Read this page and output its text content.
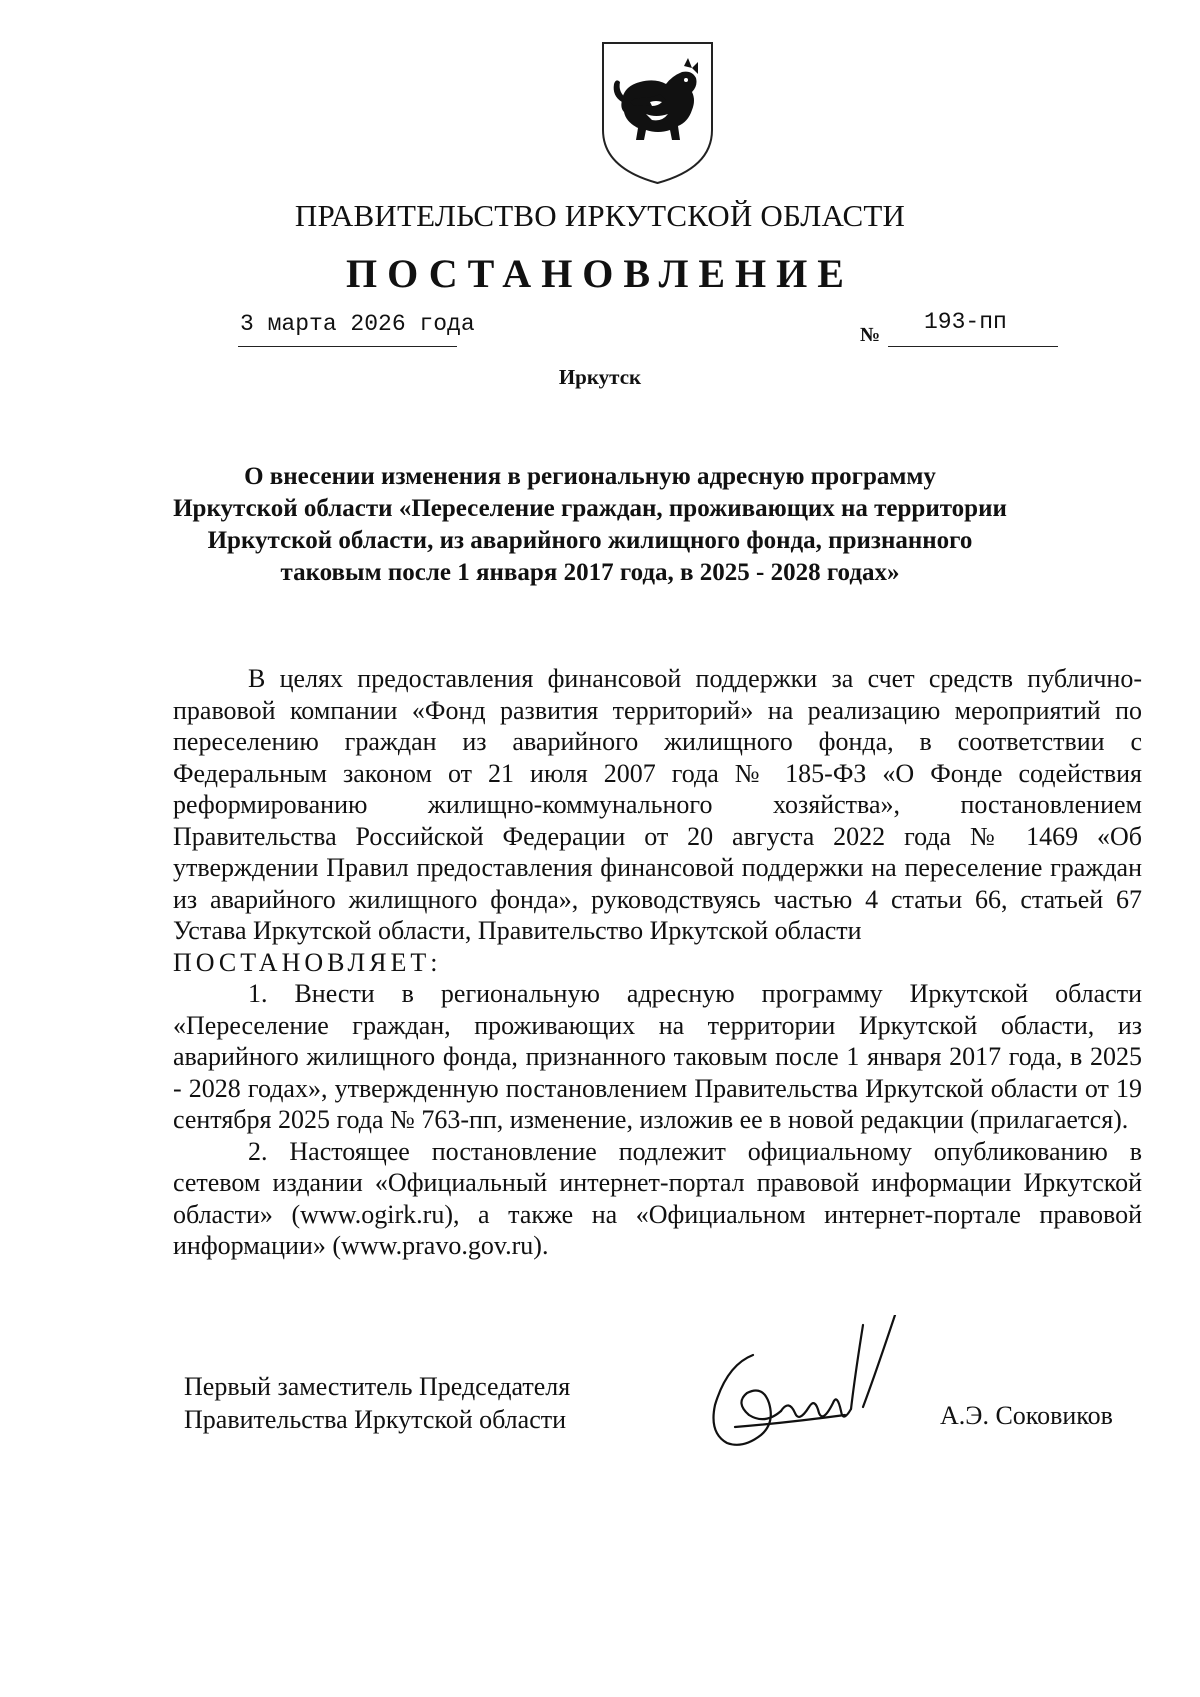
ПРАВИТЕЛЬСТВО ИРКУТСКОЙ ОБЛАСТИ
ПОСТАНОВЛЕНИЕ
3 марта 2026 года	№ 193-пп
Иркутск
О внесении изменения в региональную адресную программу
Иркутской области «Переселение граждан, проживающих на территории
Иркутской области, из аварийного жилищного фонда, признанного
таковым после 1 января 2017 года, в 2025 - 2028 годах»

В целях предоставления финансовой поддержки за счет средств публично-правовой компании «Фонд развития территорий» на реализацию мероприятий по переселению граждан из аварийного жилищного фонда, в соответствии с Федеральным законом от 21 июля 2007 года № 185-ФЗ «О Фонде содействия реформированию жилищно-коммунального хозяйства», постановлением Правительства Российской Федерации от 20 августа 2022 года № 1469 «Об утверждении Правил предоставления финансовой поддержки на переселение граждан из аварийного жилищного фонда», руководствуясь частью 4 статьи 66, статьей 67 Устава Иркутской области, Правительство Иркутской области

ПОСТАНОВЛЯЕТ:

1. Внести в региональную адресную программу Иркутской области «Переселение граждан, проживающих на территории Иркутской области, из аварийного жилищного фонда, признанного таковым после 1 января 2017 года, в 2025 - 2028 годах», утвержденную постановлением Правительства Иркутской области от 19 сентября 2025 года № 763-пп, изменение, изложив ее в новой редакции (прилагается).

2. Настоящее постановление подлежит официальному опубликованию в сетевом издании «Официальный интернет-портал правовой информации Иркутской области» (www.ogirk.ru), а также на «Официальном интернет-портале правовой информации» (www.pravo.gov.ru).

Первый заместитель Председателя
Правительства Иркутской области	А.Э. Соковиков
